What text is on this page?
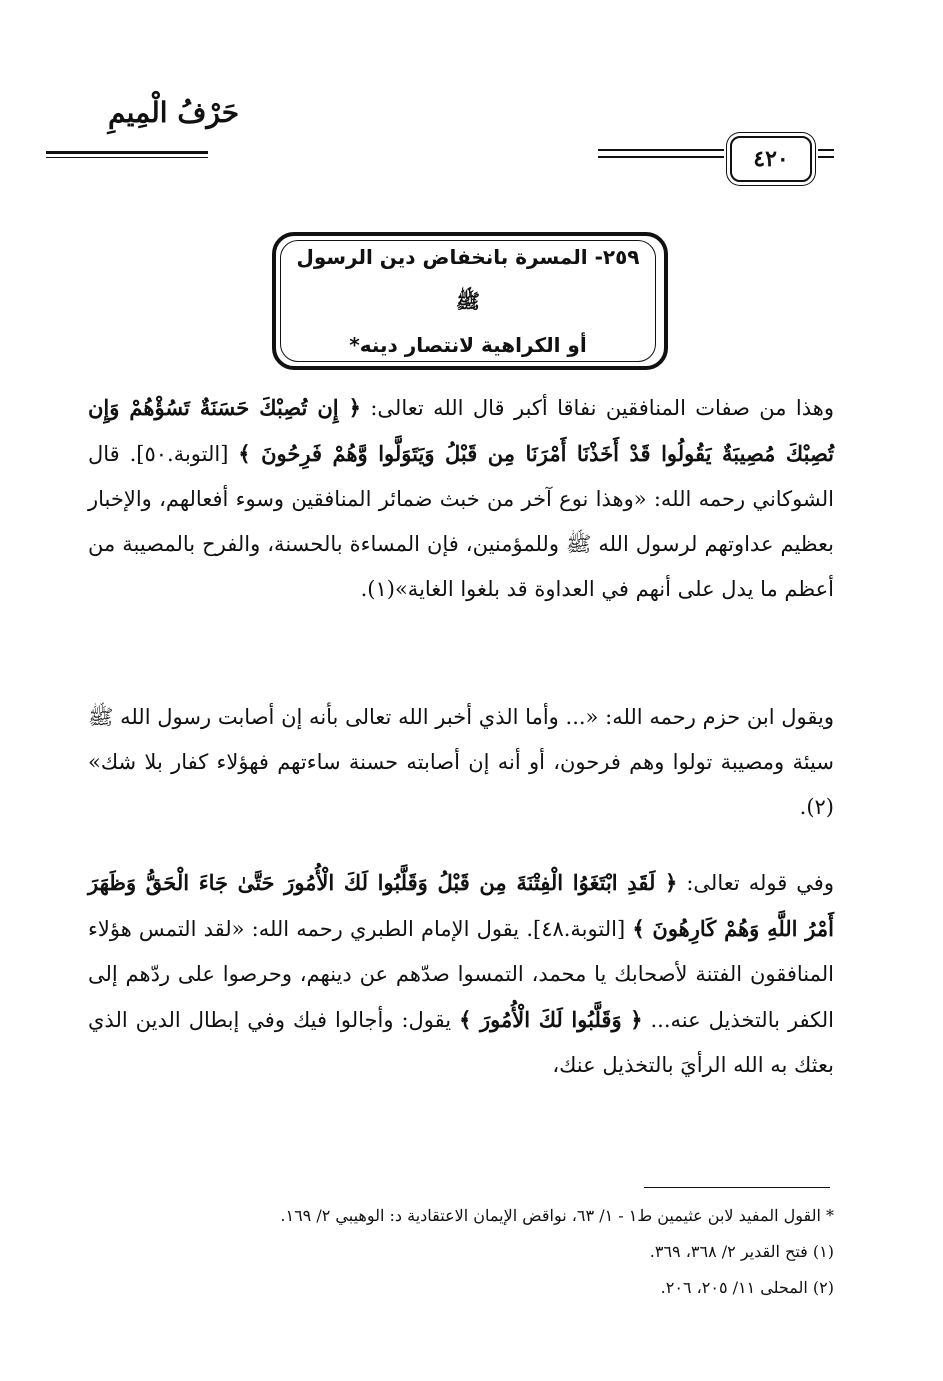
حَرْفُ الْمِيمِ
٤٢٠
٢٥٩- المسرة بانخفاض دين الرسول ﷺ
أو الكراهية لانتصار دينه*
وهذا من صفات المنافقين نفاقا أكبر قال الله تعالى: ﴿ إِن تُصِبْكَ حَسَنَةٌ تَسُؤْهُمْ وَإِن تُصِبْكَ مُصِيبَةٌ يَقُولُوا قَدْ أَخَذْنَا أَمْرَنَا مِن قَبْلُ وَيَتَوَلَّوا وَّهُمْ فَرِحُونَ ﴾ [التوبة.٥٠]. قال الشوكاني رحمه الله: «وهذا نوع آخر من خبث ضمائر المنافقين وسوء أفعالهم، والإخبار بعظيم عداوتهم لرسول الله ﷺ وللمؤمنين، فإن المساءة بالحسنة، والفرح بالمصيبة من أعظم ما يدل على أنهم في العداوة قد بلغوا الغاية»(١).
ويقول ابن حزم رحمه الله: «... وأما الذي أخبر الله تعالى بأنه إن أصابت رسول الله ﷺ سيئة ومصيبة تولوا وهم فرحون، أو أنه إن أصابته حسنة ساءتهم فهؤلاء كفار بلا شك» (٢).
وفي قوله تعالى: ﴿ لَقَدِ ابْتَغَوُا الْفِتْنَةَ مِن قَبْلُ وَقَلَّبُوا لَكَ الْأُمُورَ حَتَّىٰ جَاءَ الْحَقُّ وَظَهَرَ أَمْرُ اللَّهِ وَهُمْ كَارِهُونَ ﴾ [التوبة.٤٨]. يقول الإمام الطبري رحمه الله: «لقد التمس هؤلاء المنافقون الفتنة لأصحابك يا محمد، التمسوا صدّهم عن دينهم، وحرصوا على ردّهم إلى الكفر بالتخذيل عنه... ﴿ وَقَلَّبُوا لَكَ الْأُمُورَ ﴾ يقول: وأجالوا فيك وفي إبطال الدين الذي بعثك به الله الرأيَ بالتخذيل عنك،
* القول المفيد لابن عثيمين ط١ - ١/ ٦٣، نواقض الإيمان الاعتقادية د: الوهيبي ٢/ ١٦٩.
(١) فتح القدير ٢/ ٣٦٨، ٣٦٩.
(٢) المحلى ١١/ ٢٠٥، ٢٠٦.
